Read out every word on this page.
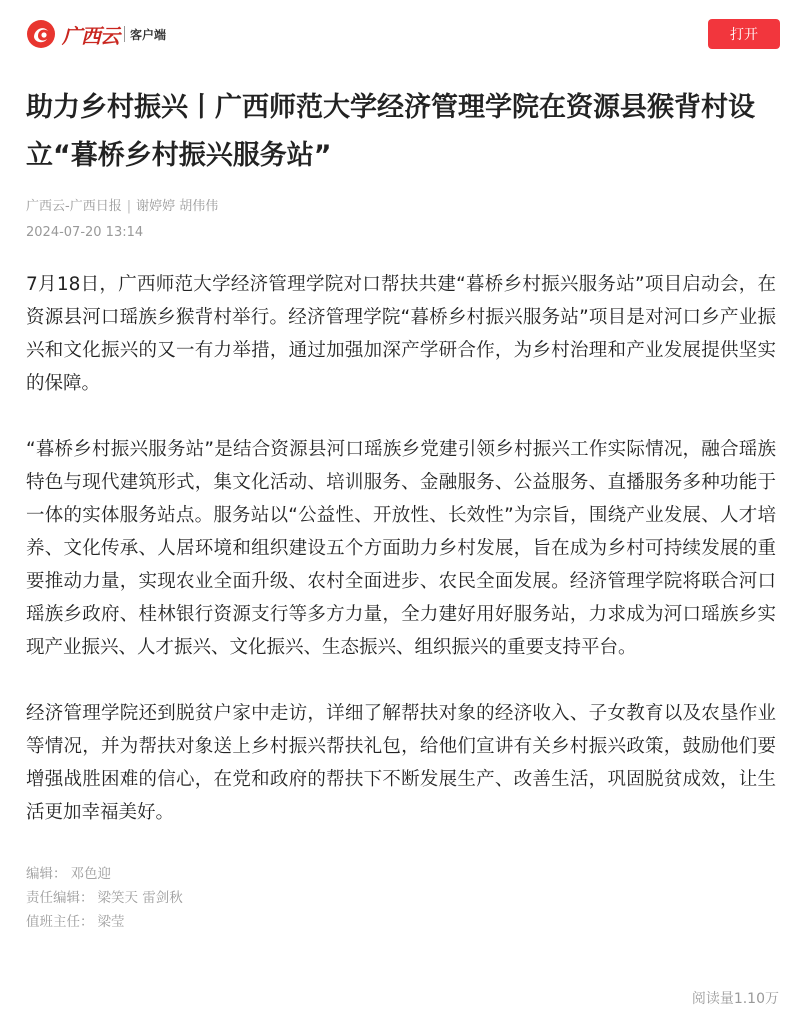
广西云 客户端	打开
助力乡村振兴丨广西师范大学经济管理学院在资源县猴背村设立“暮桥乡村振兴服务站”
广西云-广西日报 | 谢婷婷 胡伟伟
2024-07-20 13:14

7月18日，广西师范大学经济管理学院对口帮扶共建“暮桥乡村振兴服务站”项目启动会，在资源县河口瑶族乡猴背村举行。经济管理学院“暮桥乡村振兴服务站”项目是对河口乡产业振兴和文化振兴的又一有力举措，通过加强加深产学研合作，为乡村治理和产业发展提供坚实的保障。

“暮桥乡村振兴服务站”是结合资源县河口瑶族乡党建引领乡村振兴工作实际情况，融合瑶族特色与现代建筑形式，集文化活动、培训服务、金融服务、公益服务、直播服务多种功能于一体的实体服务站点。服务站以“公益性、开放性、长效性”为宗旨，围绕产业发展、人才培养、文化传承、人居环境和组织建设五个方面助力乡村发展，旨在成为乡村可持续发展的重要推动力量，实现农业全面升级、农村全面进步、农民全面发展。经济管理学院将联合河口瑶族乡政府、桂林银行资源支行等多方力量，全力建好用好服务站，力求成为河口瑶族乡实现产业振兴、人才振兴、文化振兴、生态振兴、组织振兴的重要支持平台。

经济管理学院还到脱贫户家中走访，详细了解帮扶对象的经济收入、子女教育以及农垦作业等情况，并为帮扶对象送上乡村振兴帮扶礼包，给他们宣讲有关乡村振兴政策，鼓励他们要增强战胜困难的信心，在党和政府的帮扶下不断发展生产、改善生活，巩固脱贫成效，让生活更加幸福美好。

编辑： 邓色迎
责任编辑： 梁笑天 雷剑秋
值班主任： 梁莹
阅读量1.10万
